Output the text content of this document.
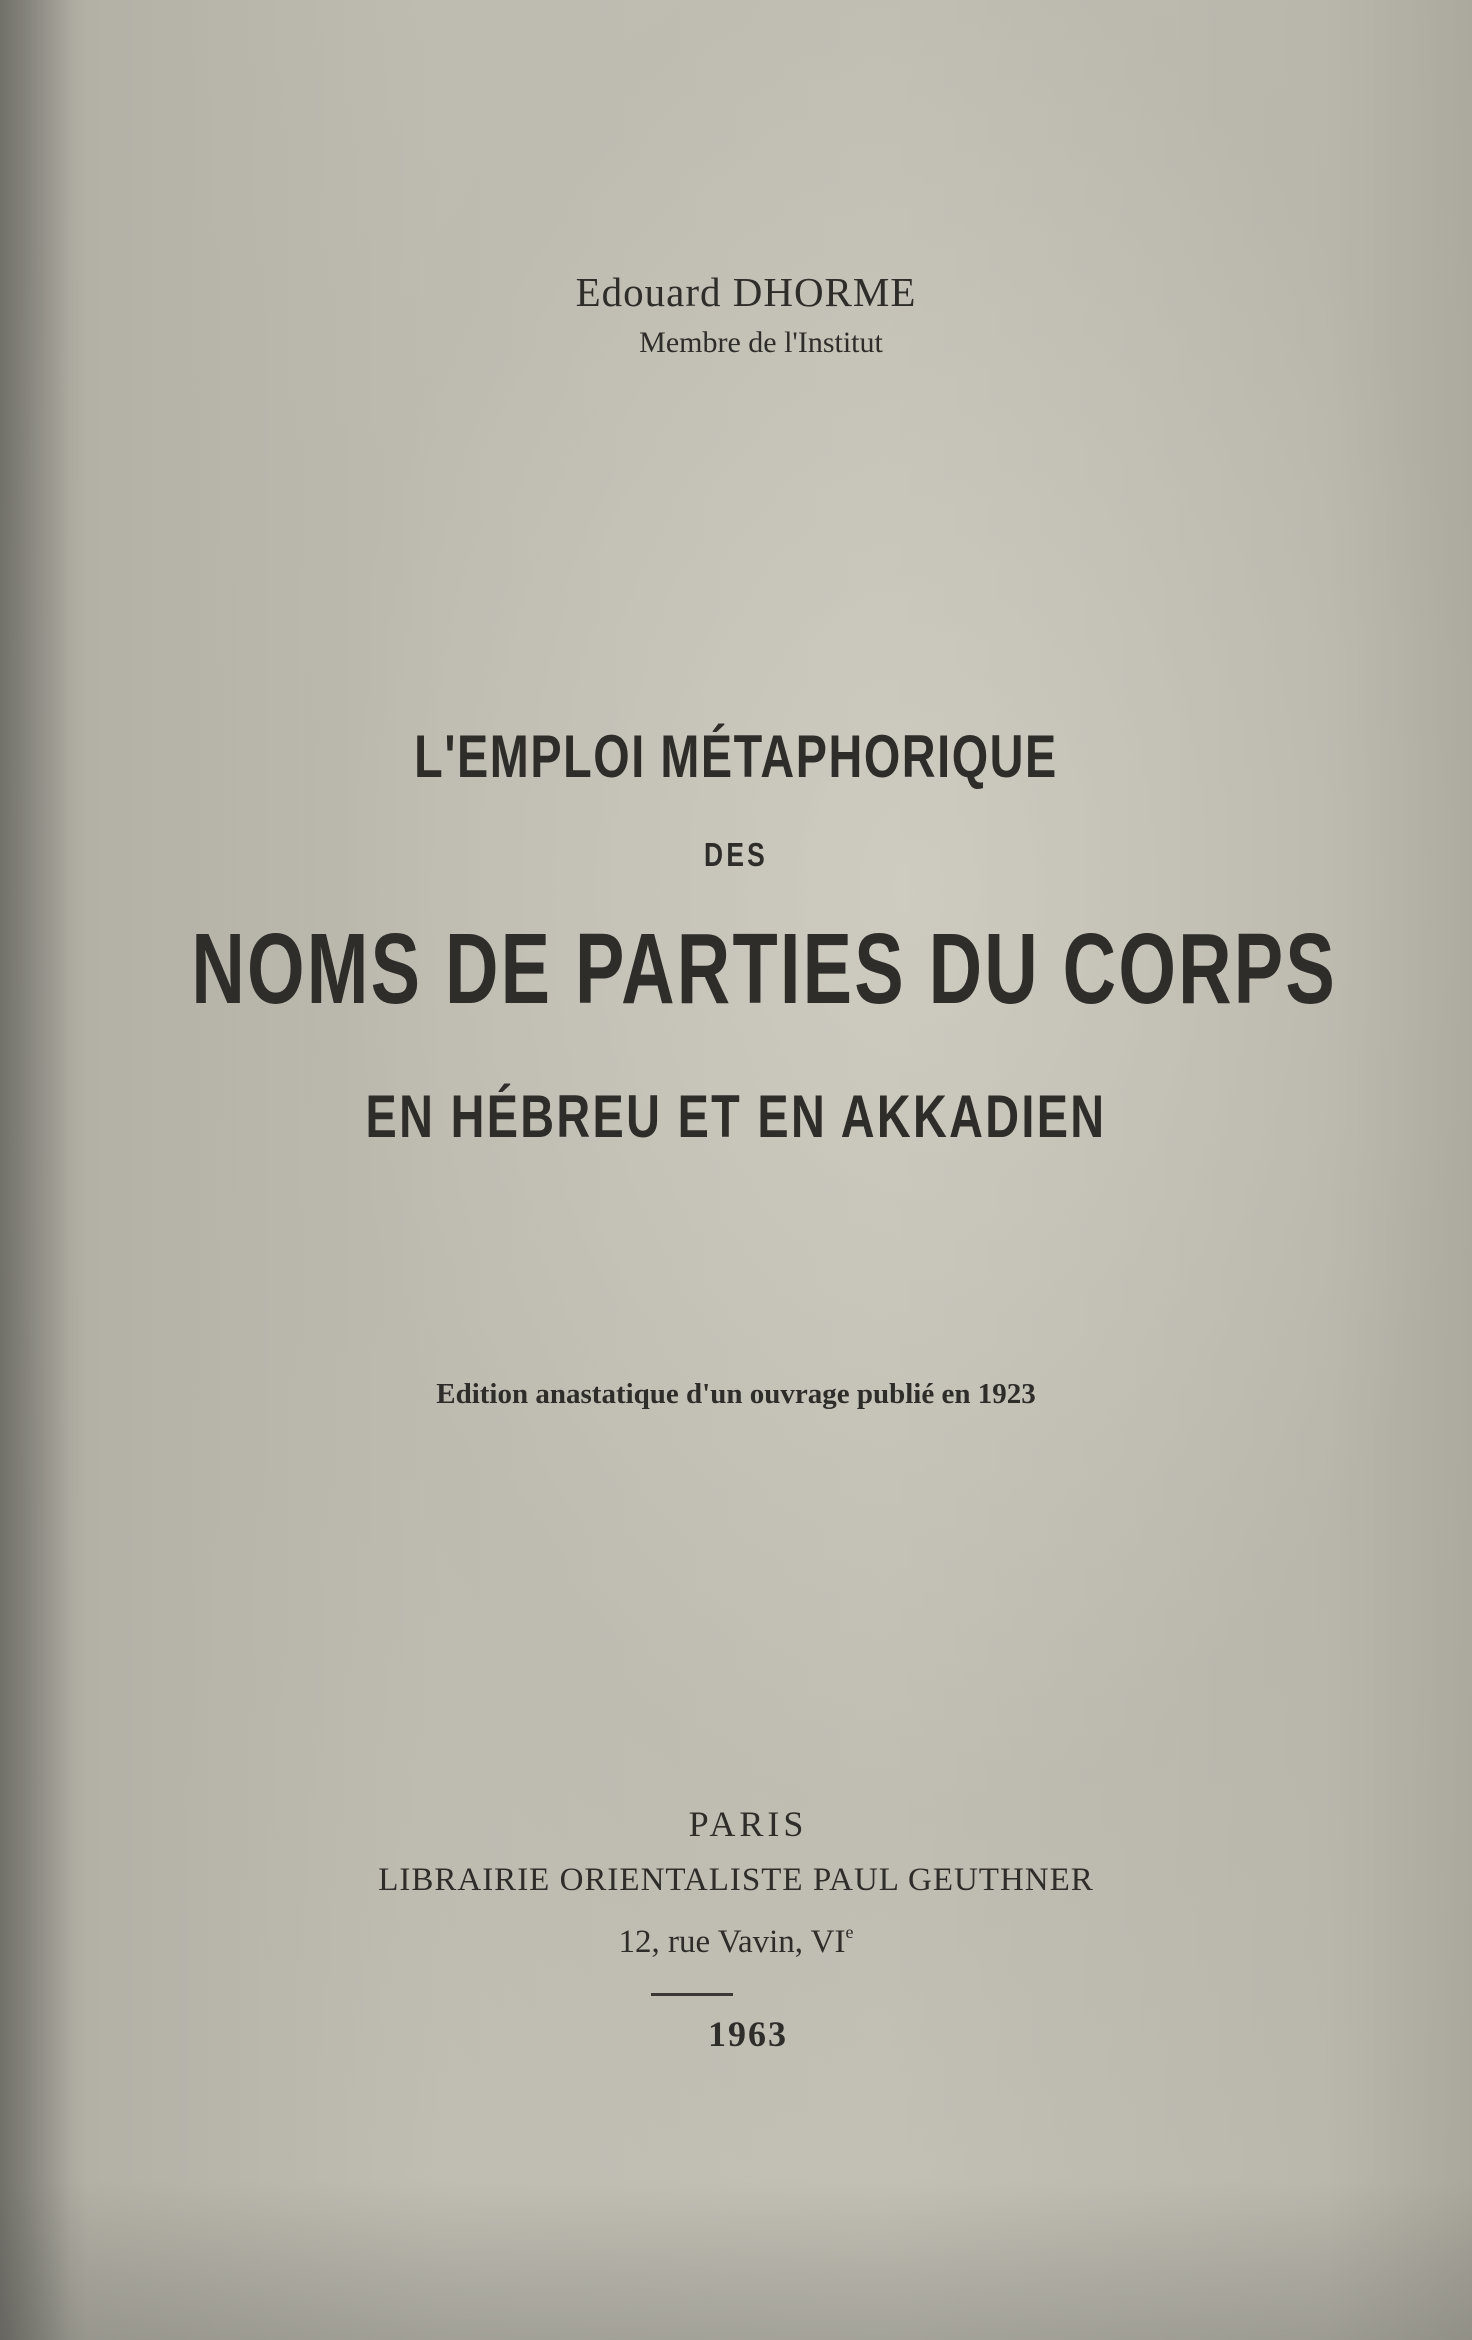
Edouard DHORME
Membre de l'Institut
L'EMPLOI MÉTAPHORIQUE
DES
NOMS DE PARTIES DU CORPS
EN HÉBREU ET EN AKKADIEN
Edition anastatique d'un ouvrage publié en 1923
PARIS
LIBRAIRIE ORIENTALISTE PAUL GEUTHNER
12, rue Vavin, VIe
1963
